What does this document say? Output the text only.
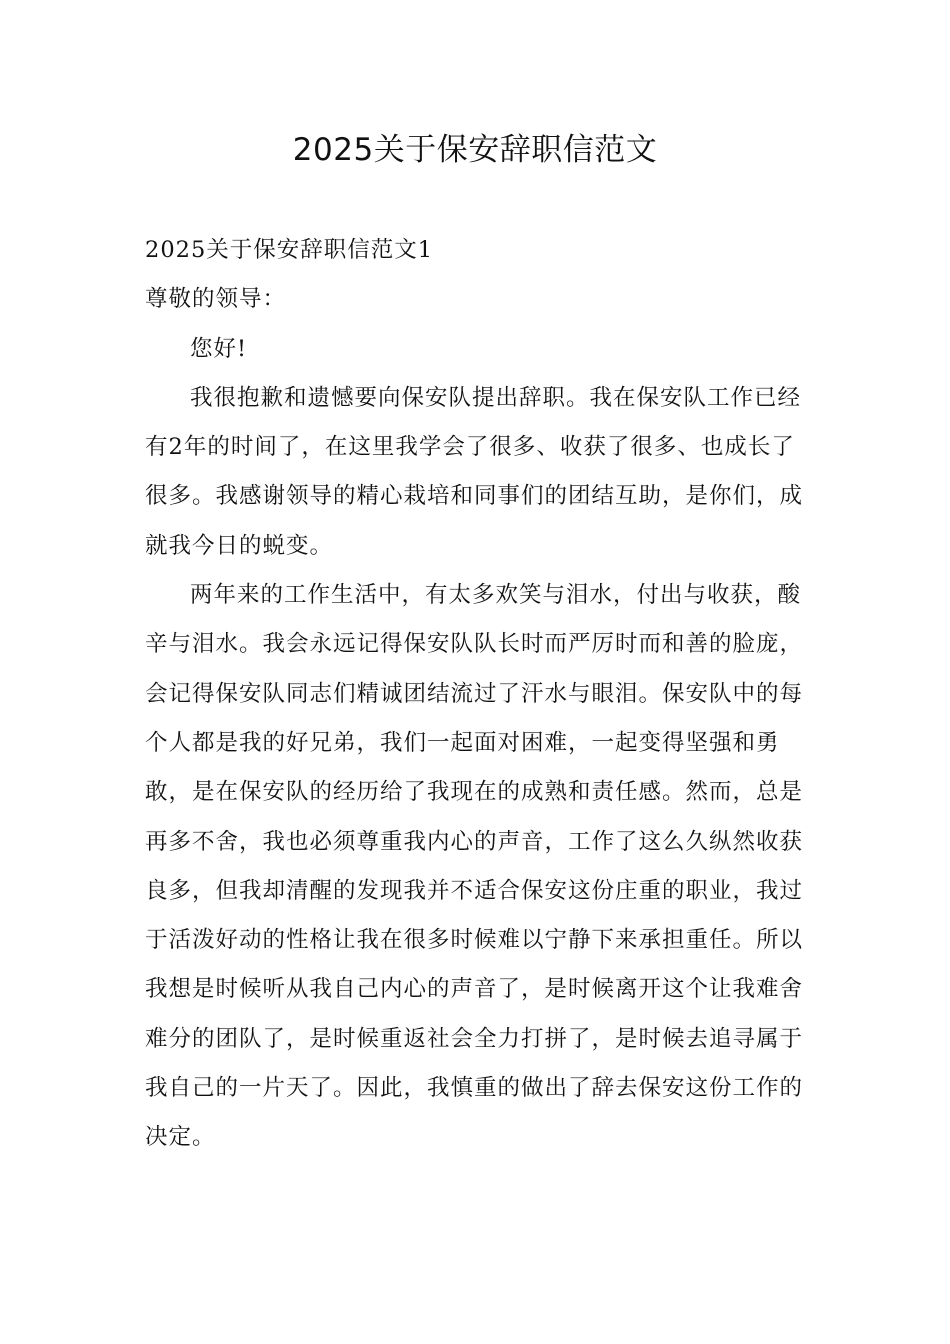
2025关于保安辞职信范文

2025关于保安辞职信范文1

尊敬的领导：

您好!

我很抱歉和遗憾要向保安队提出辞职。我在保安队工作已经有2年的时间了，在这里我学会了很多、收获了很多、也成长了很多。我感谢领导的精心栽培和同事们的团结互助，是你们，成就我今日的蜕变。

两年来的工作生活中，有太多欢笑与泪水，付出与收获，酸辛与泪水。我会永远记得保安队队长时而严厉时而和善的脸庞，会记得保安队同志们精诚团结流过了汗水与眼泪。保安队中的每个人都是我的好兄弟，我们一起面对困难，一起变得坚强和勇敢，是在保安队的经历给了我现在的成熟和责任感。然而，总是再多不舍，我也必须尊重我内心的声音，工作了这么久纵然收获良多，但我却清醒的发现我并不适合保安这份庄重的职业，我过于活泼好动的性格让我在很多时候难以宁静下来承担重任。所以我想是时候听从我自己内心的声音了，是时候离开这个让我难舍难分的团队了，是时候重返社会全力打拼了，是时候去追寻属于我自己的一片天了。因此，我慎重的做出了辞去保安这份工作的决定。
